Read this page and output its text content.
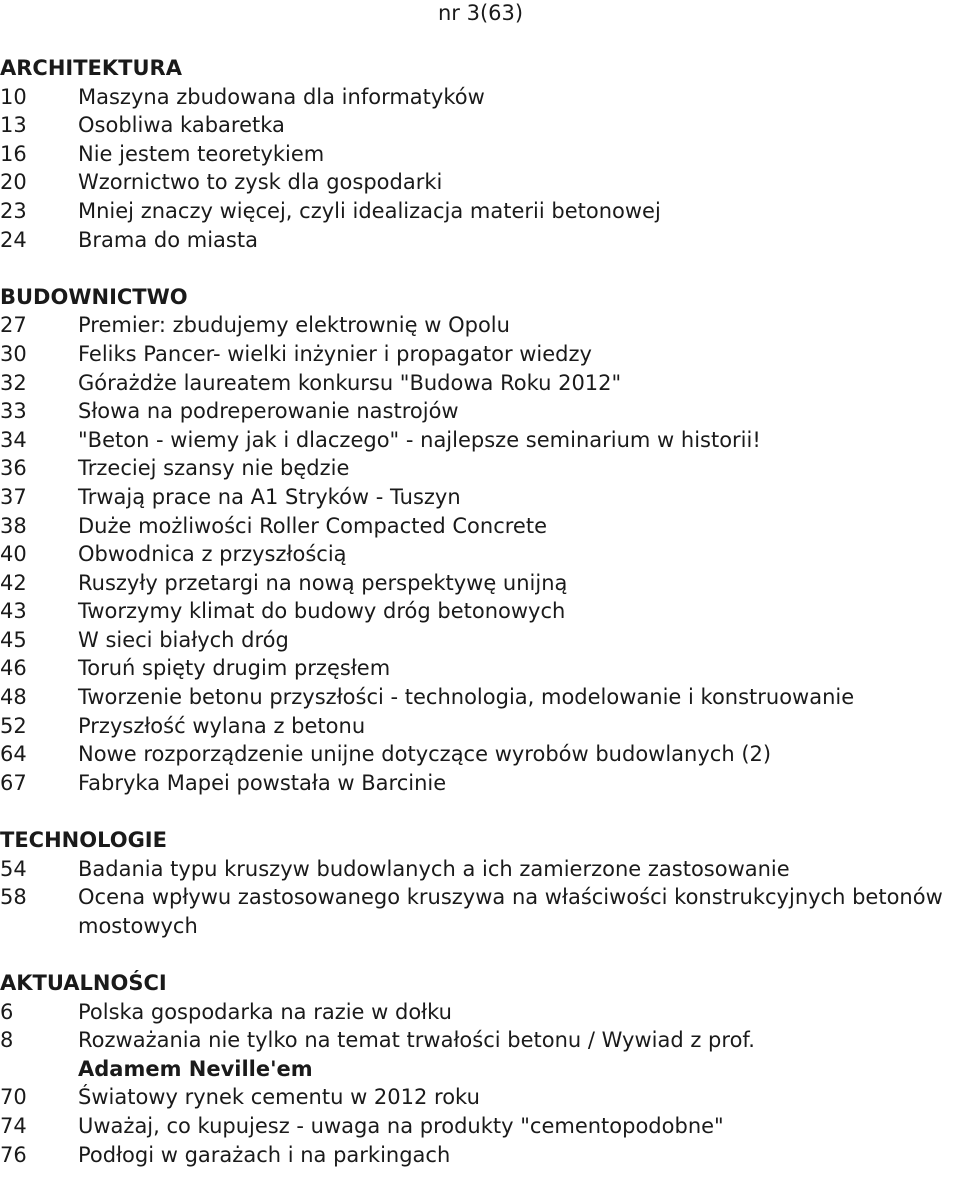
nr 3(63)
ARCHITEKTURA
10	Maszyna zbudowana dla informatyków
13	Osobliwa kabaretka
16	Nie jestem teoretykiem
20	Wzornictwo to zysk dla gospodarki
23	Mniej znaczy więcej, czyli idealizacja materii betonowej
24	Brama do miasta
BUDOWNICTWO
27	Premier: zbudujemy elektrownię w Opolu
30	Feliks Pancer- wielki inżynier i propagator wiedzy
32	Górażdże laureatem konkursu "Budowa Roku 2012"
33	Słowa na podreperowanie nastrojów
34	"Beton - wiemy jak i dlaczego" - najlepsze seminarium w historii!
36	Trzeciej szansy nie będzie
37	Trwają prace na A1 Stryków - Tuszyn
38	Duże możliwości Roller Compacted Concrete
40	Obwodnica z przyszłością
42	Ruszyły przetargi na nową perspektywę unijną
43	Tworzymy klimat do budowy dróg betonowych
45	W sieci białych dróg
46	Toruń spięty drugim przęsłem
48	Tworzenie betonu przyszłości - technologia, modelowanie i konstruowanie
52	Przyszłość wylana z betonu
64	Nowe rozporządzenie unijne dotyczące wyrobów budowlanych (2)
67	Fabryka Mapei powstała w Barcinie
TECHNOLOGIE
54	Badania typu kruszyw budowlanych a ich zamierzone zastosowanie
58	Ocena wpływu zastosowanego kruszywa na właściwości konstrukcyjnych betonów mostowych
AKTUALNOŚCI
6	Polska gospodarka na razie w dołku
8	Rozważania nie tylko na temat trwałości betonu / Wywiad z prof.
Adamem Neville'em
70	Światowy rynek cementu w 2012 roku
74	Uważaj, co kupujesz - uwaga na produkty "cementopodobne"
76	Podłogi w garażach i na parkingach
